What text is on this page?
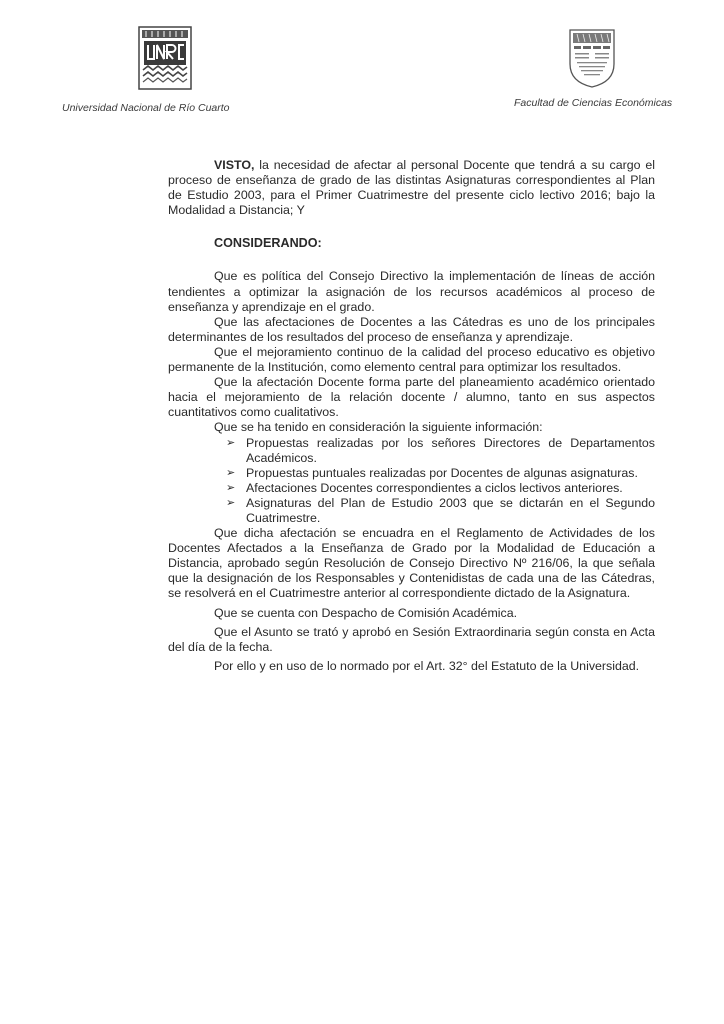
Universidad Nacional de Río Cuarto	Facultad de Ciencias Económicas

VISTO, la necesidad de afectar al personal Docente que tendrá a su cargo el proceso de enseñanza de grado de las distintas Asignaturas correspondientes al Plan de Estudio 2003, para el Primer Cuatrimestre del presente ciclo lectivo 2016; bajo la Modalidad a Distancia; Y

CONSIDERANDO:

Que es política del Consejo Directivo la implementación de líneas de acción tendientes a optimizar la asignación de los recursos académicos al proceso de enseñanza y aprendizaje en el grado.

Que las afectaciones de Docentes a las Cátedras es uno de los principales determinantes de los resultados del proceso de enseñanza y aprendizaje.

Que el mejoramiento continuo de la calidad del proceso educativo es objetivo permanente de la Institución, como elemento central para optimizar los resultados.

Que la afectación Docente forma parte del planeamiento académico orientado hacia el mejoramiento de la relación docente / alumno, tanto en sus aspectos cuantitativos como cualitativos.

Que se ha tenido en consideración la siguiente información:

➢ Propuestas realizadas por los señores Directores de Departamentos Académicos.
➢ Propuestas puntuales realizadas por Docentes de algunas asignaturas.
➢ Afectaciones Docentes correspondientes a ciclos lectivos anteriores.
➢ Asignaturas del Plan de Estudio 2003 que se dictarán en el Segundo Cuatrimestre.

Que dicha afectación se encuadra en el Reglamento de Actividades de los Docentes Afectados a la Enseñanza de Grado por la Modalidad de Educación a Distancia, aprobado según Resolución de Consejo Directivo Nº 216/06, la que señala que la designación de los Responsables y Contenidistas de cada una de las Cátedras, se resolverá en el Cuatrimestre anterior al correspondiente dictado de la Asignatura.

Que se cuenta con Despacho de Comisión Académica.

Que el Asunto se trató y aprobó en Sesión Extraordinaria según consta en Acta del día de la fecha.

Por ello y en uso de lo normado por el Art. 32° del Estatuto de la Universidad.
